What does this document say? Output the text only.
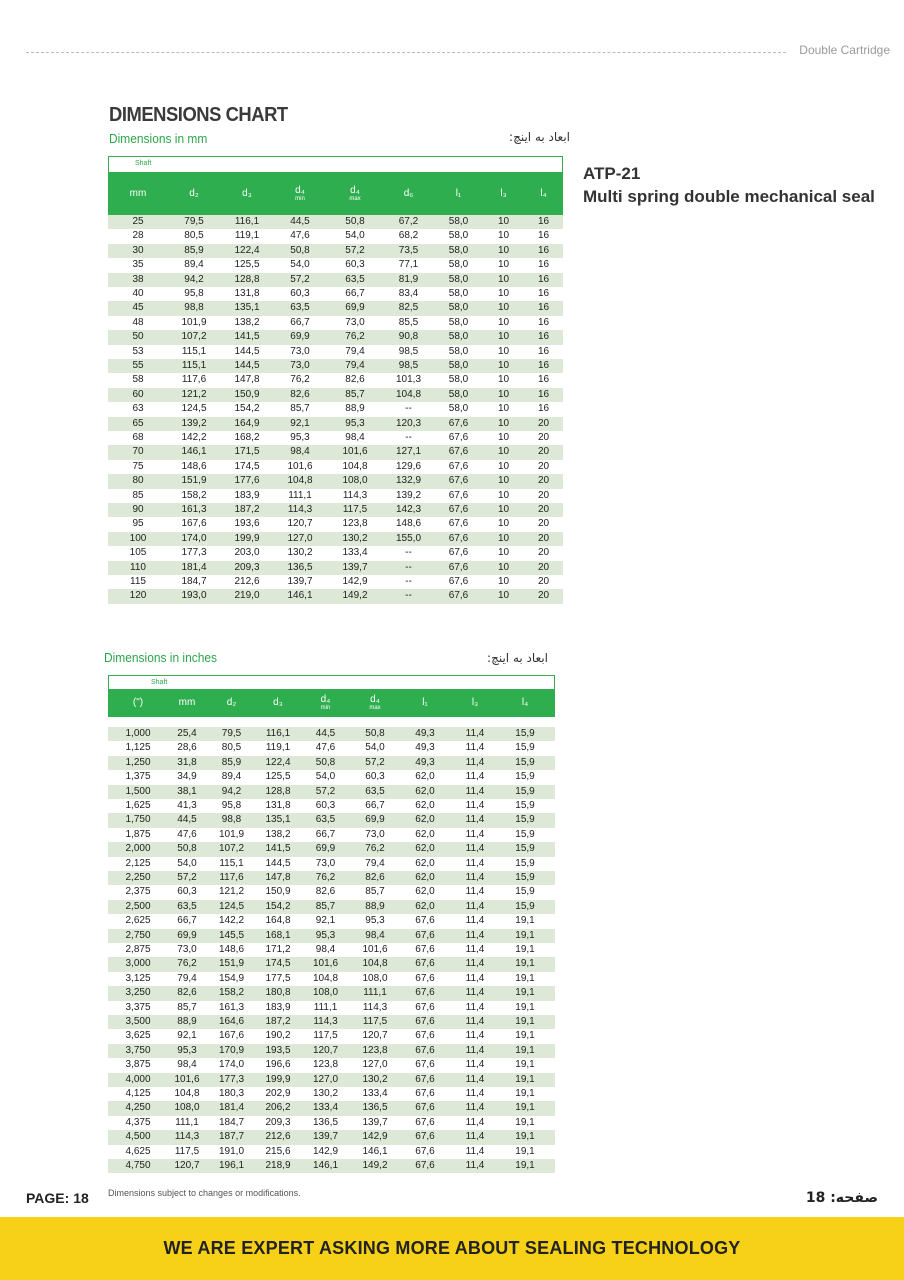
Double Cartridge
DIMENSIONS CHART
Dimensions in mm	ابعاد به اینچ:
ATP-21
Multi spring double mechanical seal
Shaft
mm	d₂	d₃	d₄
min
d₄
max	d₆	l₁	l₃	l₄
25	79,5	116,1	44,5	50,8	67,2	58,0	10	16
28	80,5	119,1	47,6	54,0	68,2	58,0	10	16
30	85,9	122,4	50,8	57,2	73,5	58,0	10	16
35	89,4	125,5	54,0	60,3	77,1	58,0	10	16
38	94,2	128,8	57,2	63,5	81,9	58,0	10	16
40	95,8	131,8	60,3	66,7	83,4	58,0	10	16
45	98,8	135,1	63,5	69,9	82,5	58,0	10	16
48	101,9	138,2	66,7	73,0	85,5	58,0	10	16
50	107,2	141,5	69,9	76,2	90,8	58,0	10	16
53	115,1	144,5	73,0	79,4	98,5	58,0	10	16
55	115,1	144,5	73,0	79,4	98,5	58,0	10	16
58	117,6	147,8	76,2	82,6	101,3	58,0	10	16
60	121,2	150,9	82,6	85,7	104,8	58,0	10	16
63	124,5	154,2	85,7	88,9	--	58,0	10	16
65	139,2	164,9	92,1	95,3	120,3	67,6	10	20
68	142,2	168,2	95,3	98,4	--	67,6	10	20
70	146,1	171,5	98,4	101,6	127,1	67,6	10	20
75	148,6	174,5	101,6	104,8	129,6	67,6	10	20
80	151,9	177,6	104,8	108,0	132,9	67,6	10	20
85	158,2	183,9	111,1	114,3	139,2	67,6	10	20
90	161,3	187,2	114,3	117,5	142,3	67,6	10	20
95	167,6	193,6	120,7	123,8	148,6	67,6	10	20
100	174,0	199,9	127,0	130,2	155,0	67,6	10	20
105	177,3	203,0	130,2	133,4	--	67,6	10	20
110	181,4	209,3	136,5	139,7	--	67,6	10	20
115	184,7	212,6	139,7	142,9	--	67,6	10	20
120	193,0	219,0	146,1	149,2	--	67,6	10	20
Dimensions in inches	ابعاد به اینچ:
Shaft
(")	mm	d₂	d₃	d₄
min
d₄
max	l₁	l₃	l₄
1,000	25,4	79,5	116,1	44,5	50,8	49,3	11,4	15,9
1,125	28,6	80,5	119,1	47,6	54,0	49,3	11,4	15,9
1,250	31,8	85,9	122,4	50,8	57,2	49,3	11,4	15,9
1,375	34,9	89,4	125,5	54,0	60,3	62,0	11,4	15,9
1,500	38,1	94,2	128,8	57,2	63,5	62,0	11,4	15,9
1,625	41,3	95,8	131,8	60,3	66,7	62,0	11,4	15,9
1,750	44,5	98,8	135,1	63,5	69,9	62,0	11,4	15,9
1,875	47,6	101,9	138,2	66,7	73,0	62,0	11,4	15,9
2,000	50,8	107,2	141,5	69,9	76,2	62,0	11,4	15,9
2,125	54,0	115,1	144,5	73,0	79,4	62,0	11,4	15,9
2,250	57,2	117,6	147,8	76,2	82,6	62,0	11,4	15,9
2,375	60,3	121,2	150,9	82,6	85,7	62,0	11,4	15,9
2,500	63,5	124,5	154,2	85,7	88,9	62,0	11,4	15,9
2,625	66,7	142,2	164,8	92,1	95,3	67,6	11,4	19,1
2,750	69,9	145,5	168,1	95,3	98,4	67,6	11,4	19,1
2,875	73,0	148,6	171,2	98,4	101,6	67,6	11,4	19,1
3,000	76,2	151,9	174,5	101,6	104,8	67,6	11,4	19,1
3,125	79,4	154,9	177,5	104,8	108,0	67,6	11,4	19,1
3,250	82,6	158,2	180,8	108,0	111,1	67,6	11,4	19,1
3,375	85,7	161,3	183,9	111,1	114,3	67,6	11,4	19,1
3,500	88,9	164,6	187,2	114,3	117,5	67,6	11,4	19,1
3,625	92,1	167,6	190,2	117,5	120,7	67,6	11,4	19,1
3,750	95,3	170,9	193,5	120,7	123,8	67,6	11,4	19,1
3,875	98,4	174,0	196,6	123,8	127,0	67,6	11,4	19,1
4,000	101,6	177,3	199,9	127,0	130,2	67,6	11,4	19,1
4,125	104,8	180,3	202,9	130,2	133,4	67,6	11,4	19,1
4,250	108,0	181,4	206,2	133,4	136,5	67,6	11,4	19,1
4,375	111,1	184,7	209,3	136,5	139,7	67,6	11,4	19,1
4,500	114,3	187,7	212,6	139,7	142,9	67,6	11,4	19,1
4,625	117,5	191,0	215,6	142,9	146,1	67,6	11,4	19,1
4,750	120,7	196,1	218,9	146,1	149,2	67,6	11,4	19,1
PAGE: 18 Dimensions subject to changes or modifications.	صفحه: 18
WE ARE EXPERT ASKING MORE ABOUT SEALING TECHNOLOGY
